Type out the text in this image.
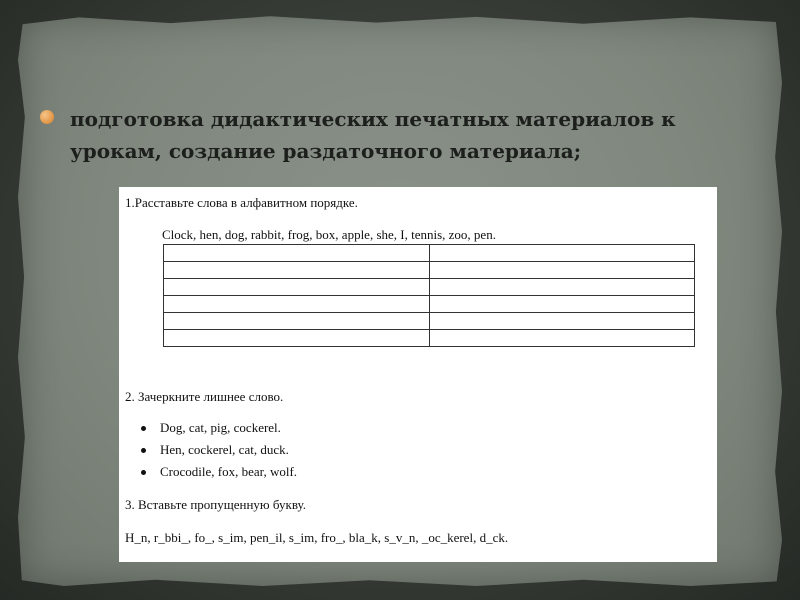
подготовка дидактических печатных материалов к
урокам, создание раздаточного материала;
1.Расставьте слова в алфавитном порядке.
Clock, hen, dog, rabbit, frog, box, apple, she, I, tennis, zoo, pen.

2. Зачеркните лишнее слово.
Dog, cat, pig, cockerel.
Hen, cockerel, cat, duck.
Crocodile, fox, bear, wolf.
3. Вставьте пропущенную букву.
H_n, r_bbi_, fo_, s_im, pen_il, s_im, fro_, bla_k, s_v_n, _oc_kerel, d_ck.
